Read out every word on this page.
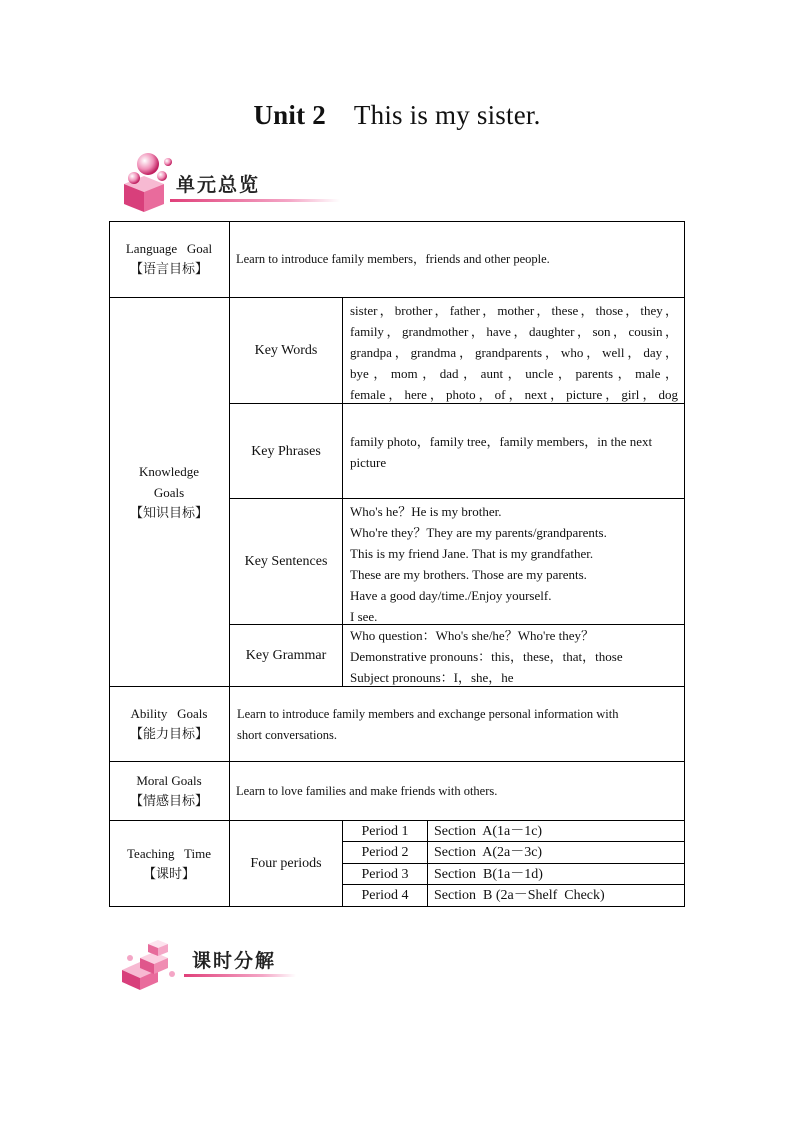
Unit 2 This is my sister.
单元总览
Language   Goal
【语言目标】
Learn to introduce family members，friends and other people.
Knowledge
Goals
【知识目标】
Key Words
sister，brother，father，mother，these，those，they，
family，grandmother，have，daughter，son，cousin，
grandpa，grandma，grandparents，who，well，day，
bye，mom，dad，aunt，uncle，parents，male，
female，here，photo，of，next，picture，girl，dog
Key Phrases
family photo，family tree，family members，in the next
picture
Key Sentences
Who's he？He is my brother.
Who're they？They are my parents/grandparents.
This is my friend Jane. That is my grandfather.
These are my brothers. Those are my parents.
Have a good day/time./Enjoy yourself.
I see.
Key Grammar
Who question：Who's she/he？Who're they？
Demonstrative pronouns：this，these，that，those
Subject pronouns：I，she，he
Ability   Goals
【能力目标】
Learn to introduce family members and exchange personal information with
short conversations.
Moral Goals
【情感目标】
Learn to love families and make friends with others.
Teaching   Time
【课时】
Four periods
Period 1 Section  A(1a－1c)
Period 2 Section  A(2a－3c)
Period 3 Section  B(1a－1d)
Period 4 Section  B (2a－Shelf  Check)
课时分解
